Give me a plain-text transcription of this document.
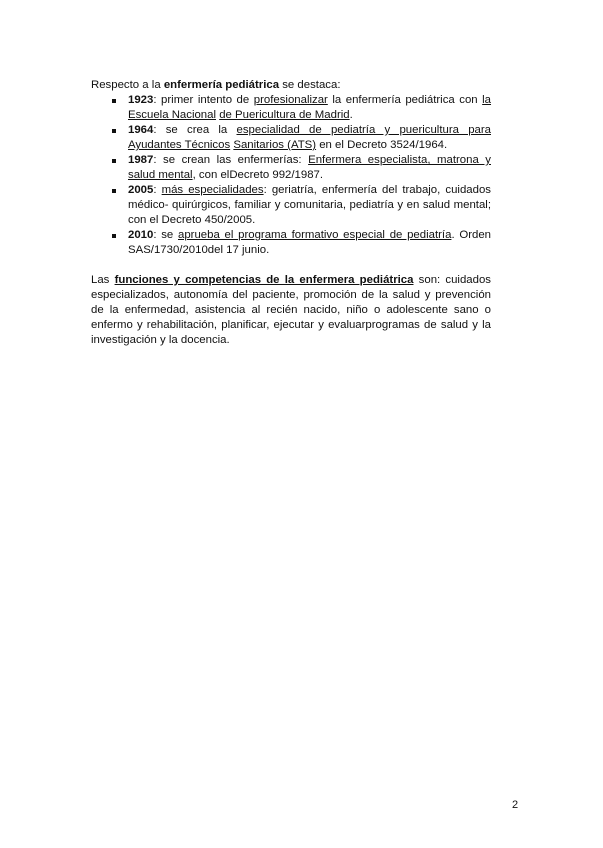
Respecto a la enfermería pediátrica se destaca:

1923: primer intento de profesionalizar la enfermería pediátrica con la Escuela Nacional de Puericultura de Madrid.
1964: se crea la especialidad de pediatría y puericultura para Ayudantes Técnicos Sanitarios (ATS) en el Decreto 3524/1964.
1987: se crean las enfermerías: Enfermera especialista, matrona y salud mental, con elDecreto 992/1987.
2005: más especialidades: geriatría, enfermería del trabajo, cuidados médico- quirúrgicos, familiar y comunitaria, pediatría y en salud mental; con el Decreto 450/2005.
2010: se aprueba el programa formativo especial de pediatría. Orden SAS/1730/2010del 17 junio.

Las funciones y competencias de la enfermera pediátrica son: cuidados especializados, autonomía del paciente, promoción de la salud y prevención de la enfermedad, asistencia al recién nacido, niño o adolescente sano o enfermo y rehabilitación, planificar, ejecutar y evaluarprogramas de salud y la investigación y la docencia.

2
